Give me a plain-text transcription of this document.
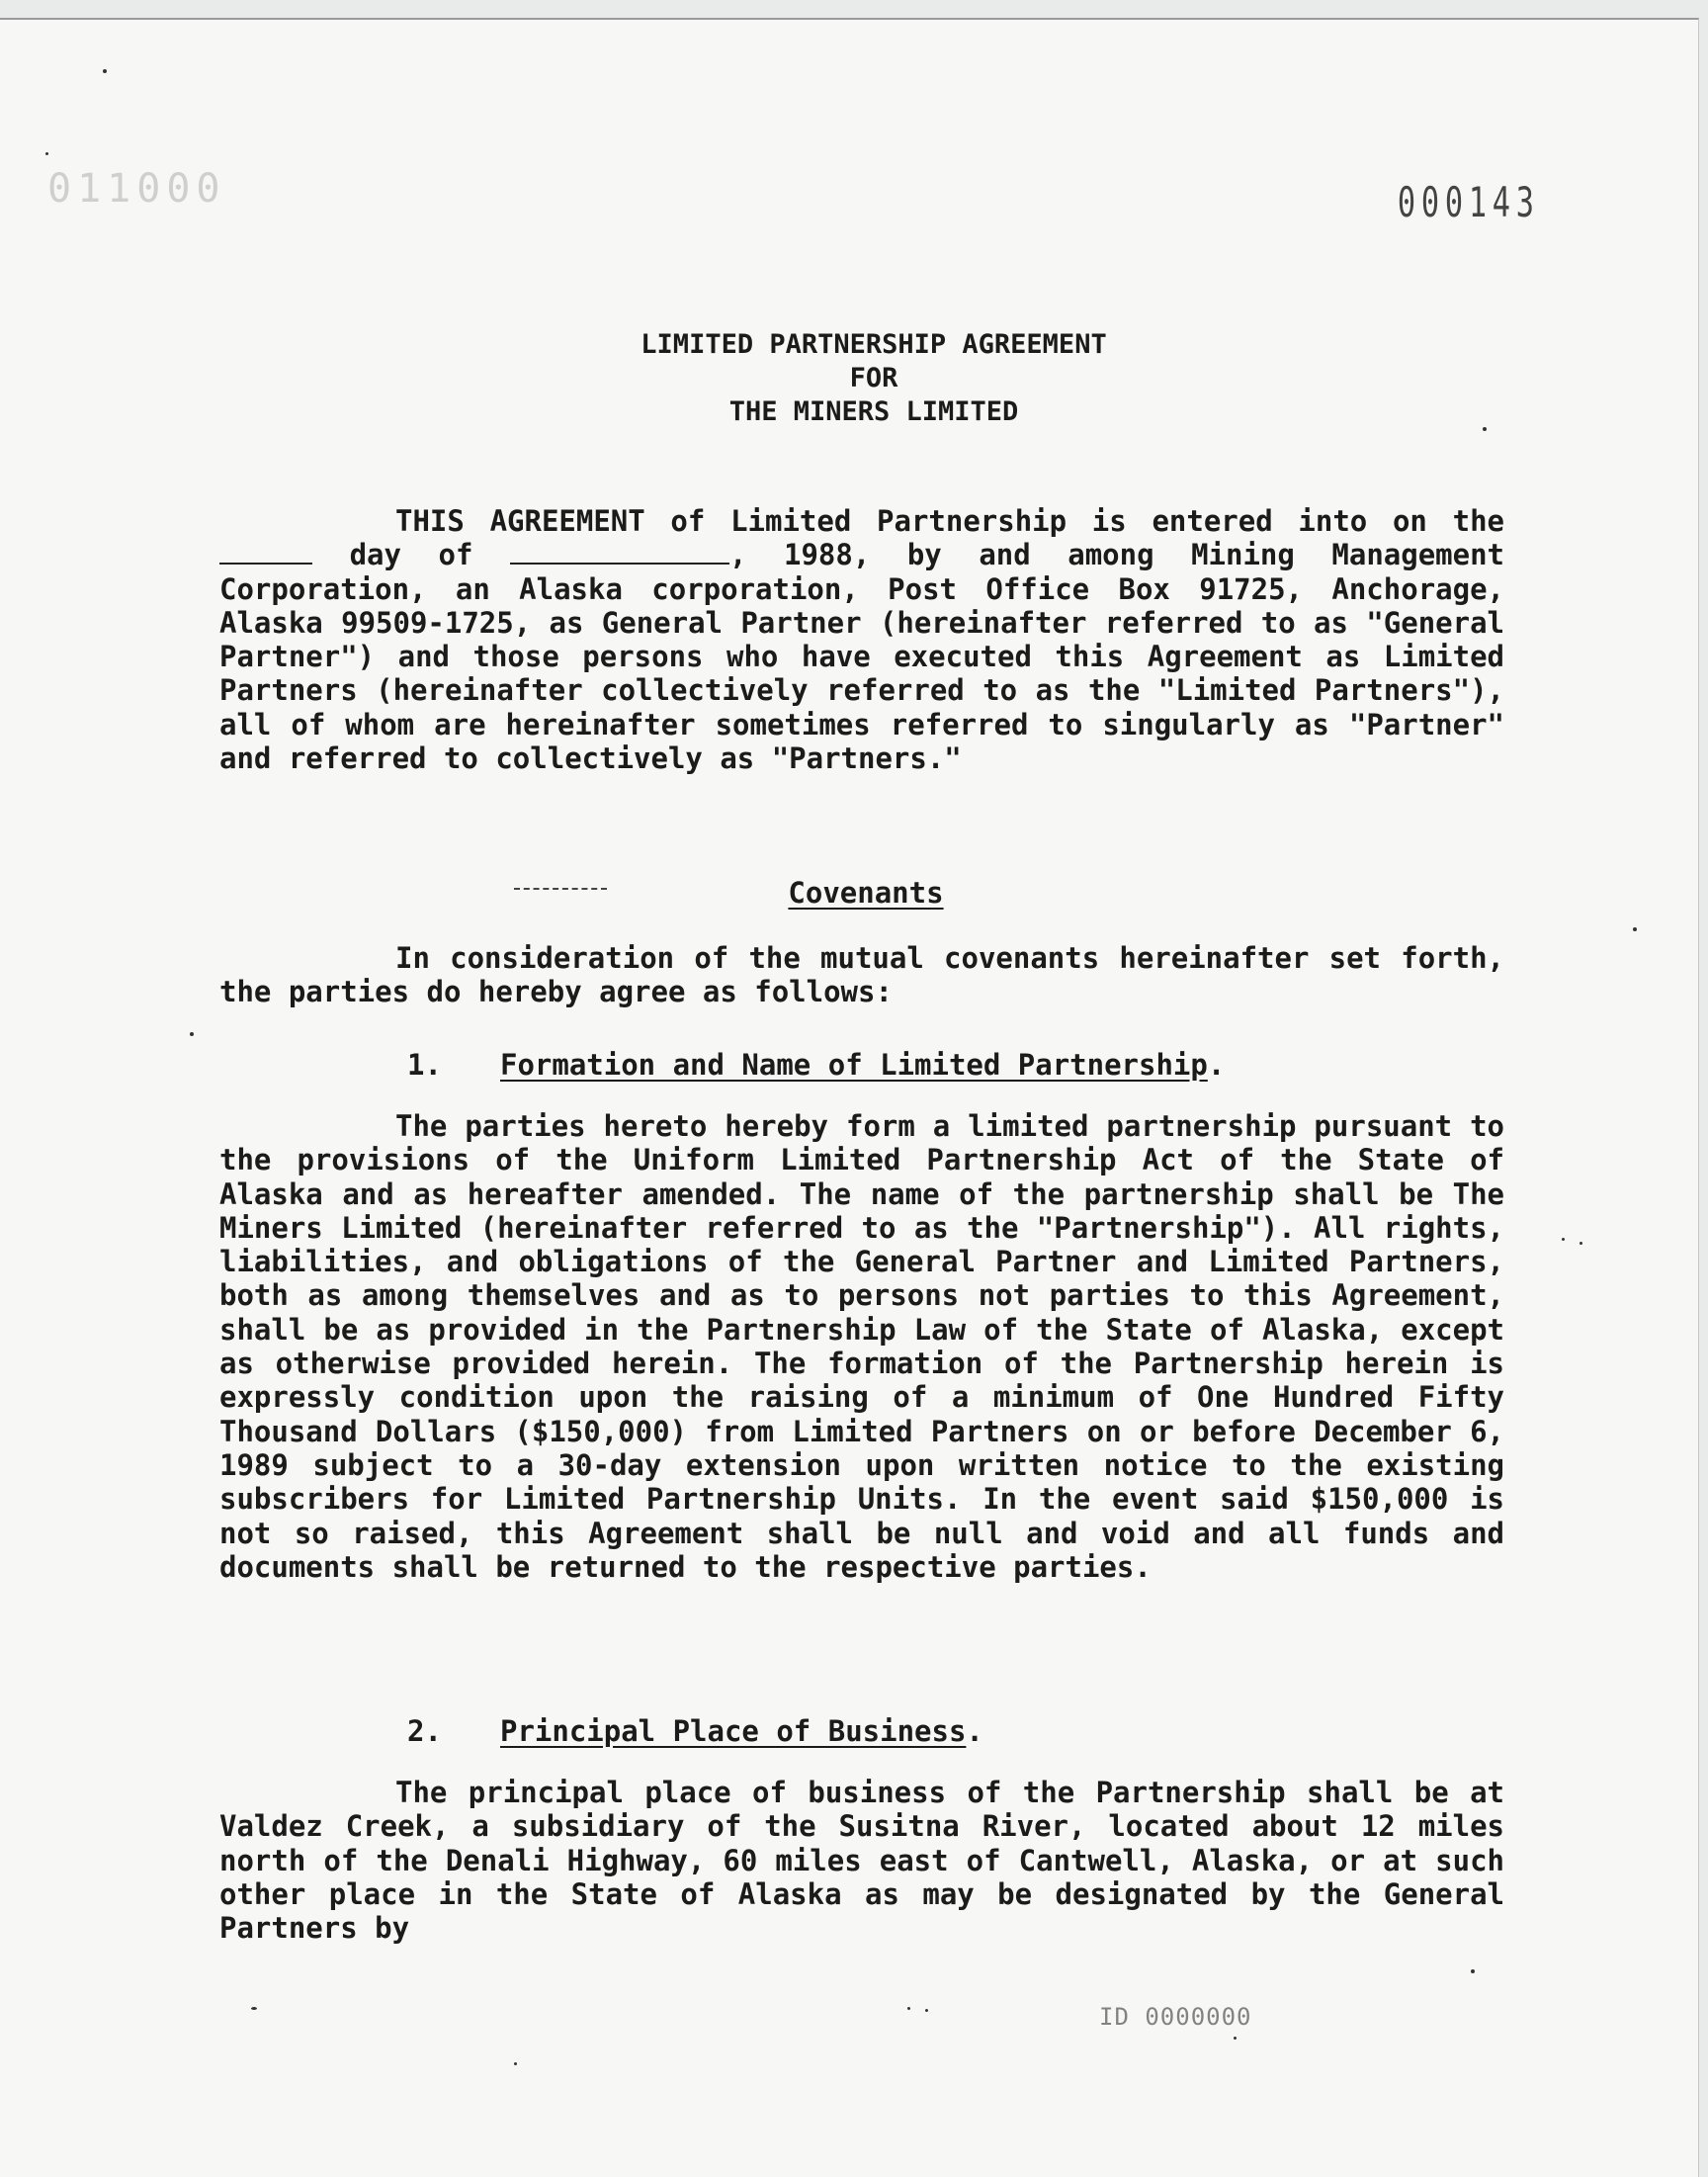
011000	000143
LIMITED PARTNERSHIP AGREEMENT
FOR
THE MINERS LIMITED

THIS AGREEMENT of Limited Partnership is entered into on the  day of	, 1988, by and among Mining Management Corporation, an Alaska corporation, Post Office Box 91725, Anchorage, Alaska 99509-1725, as General Partner (hereinafter referred to as "General Partner") and those persons who have executed this Agreement as Limited Partners (hereinafter collectively referred to as the "Limited Partners"), all of whom are hereinafter sometimes referred to singularly as "Partner" and referred to collectively as "Partners."

Covenants

In consideration of the mutual covenants hereinafter set forth, the parties do hereby agree as follows:

1. Formation and Name of Limited Partnership.

The parties hereto hereby form a limited partnership pursuant to the provisions of the Uniform Limited Partnership Act of the State of Alaska and as hereafter amended. The name of the partnership shall be The Miners Limited (hereinafter referred to as the "Partnership"). All rights, liabilities, and obligations of the General Partner and Limited Partners, both as among themselves and as to persons not parties to this Agreement, shall be as provided in the Partnership Law of the State of Alaska, except as otherwise provided herein. The formation of the Partnership herein is expressly condition upon the raising of a minimum of One Hundred Fifty Thousand Dollars ($150,000) from Limited Partners on or before December 6, 1989 subject to a 30-day extension upon written notice to the existing subscribers for Limited Partnership Units. In the event said $150,000 is not so raised, this Agreement shall be null and void and all funds and documents shall be returned to the respective parties.

2. Principal Place of Business.

The principal place of business of the Partnership shall be at Valdez Creek, a subsidiary of the Susitna River, located about 12 miles north of the Denali Highway, 60 miles east of Cantwell, Alaska, or at such other place in the State of Alaska as may be designated by the General Partners by

ID 0000000
